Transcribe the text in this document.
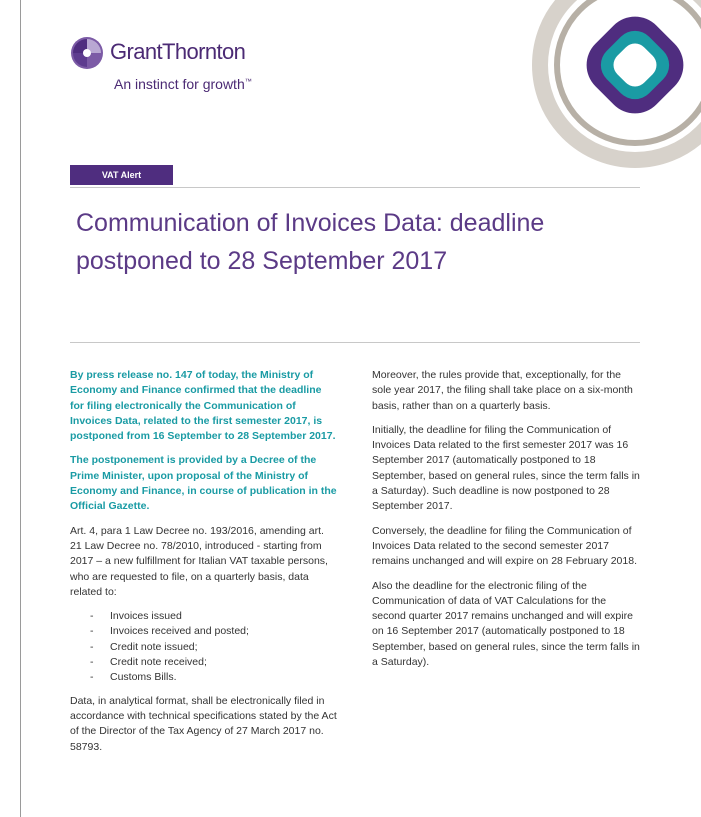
GrantThornton
An instinct for growth™
VAT Alert
Communication of Invoices Data: deadline postponed to 28 September 2017

By press release no. 147 of today, the Ministry of Economy and Finance confirmed that the deadline for filing electronically the Communication of Invoices Data, related to the first semester 2017, is postponed from 16 September to 28 September 2017.

The postponement is provided by a Decree of the Prime Minister, upon proposal of the Ministry of Economy and Finance, in course of publication in the Official Gazette.

Art. 4, para 1 Law Decree no. 193/2016, amending art. 21 Law Decree no. 78/2010, introduced - starting from 2017 – a new fulfillment for Italian VAT taxable persons, who are requested to file, on a quarterly basis, data related to:

- Invoices issued
- Invoices received and posted;
- Credit note issued;
- Credit note received;
- Customs Bills.

Data, in analytical format, shall be electronically filed in accordance with technical specifications stated by the Act of the Director of the Tax Agency of 27 March 2017 no. 58793.

Moreover, the rules provide that, exceptionally, for the sole year 2017, the filing shall take place on a six-month basis, rather than on a quarterly basis.

Initially, the deadline for filing the Communication of Invoices Data related to the first semester 2017 was 16 September 2017 (automatically postponed to 18 September, based on general rules, since the term falls in a Saturday). Such deadline is now postponed to 28 September 2017.

Conversely, the deadline for filing the Communication of Invoices Data related to the second semester 2017 remains unchanged and will expire on 28 February 2018.

Also the deadline for the electronic filing of the Communication of data of VAT Calculations for the second quarter 2017 remains unchanged and will expire on 16 September 2017 (automatically postponed to 18 September, based on general rules, since the term falls in a Saturday).
